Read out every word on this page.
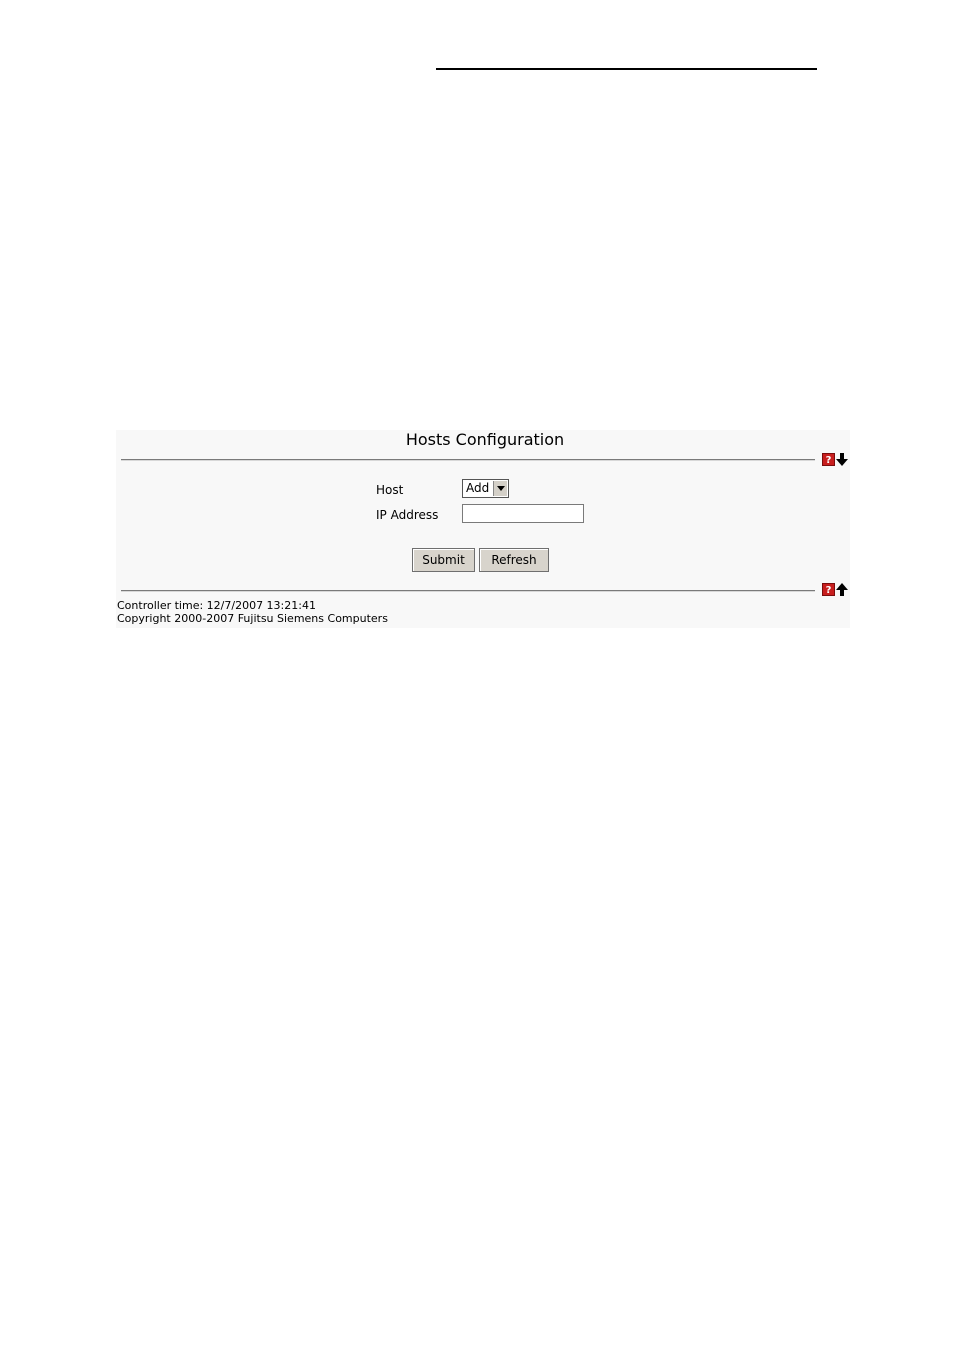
Hosts Configuration
?
Host	Add
IP Address
Submit	Refresh
?
Controller time: 12/7/2007 13:21:41
Copyright 2000-2007 Fujitsu Siemens Computers
